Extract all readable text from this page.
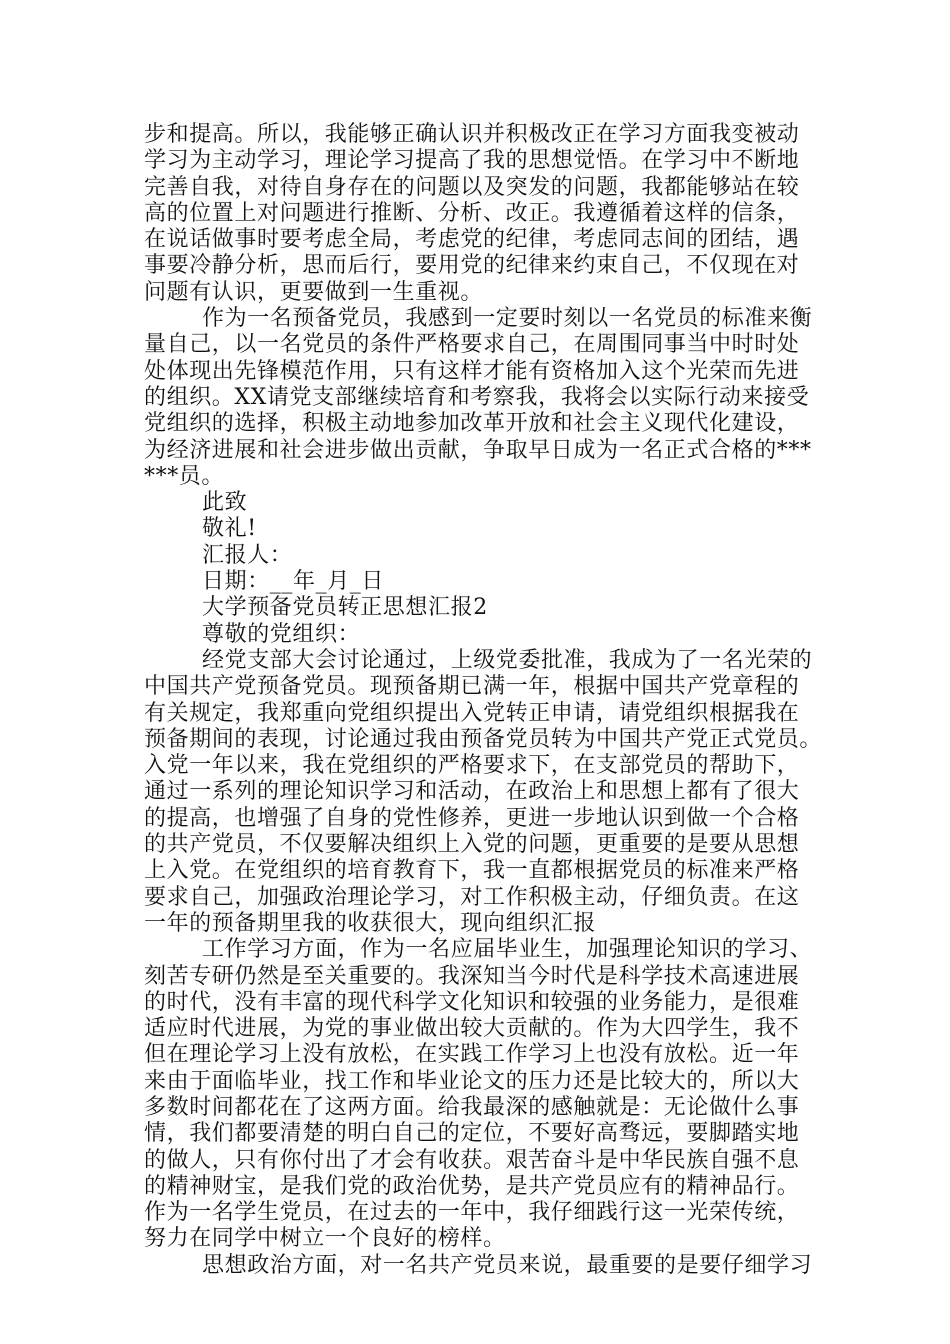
步和提高。所以，我能够正确认识并积极改正在学习方面我变被动
学习为主动学习，理论学习提高了我的思想觉悟。在学习中不断地
完善自我，对待自身存在的问题以及突发的问题，我都能够站在较
高的位置上对问题进行推断、分析、改正。我遵循着这样的信条，
在说话做事时要考虑全局，考虑党的纪律，考虑同志间的团结，遇
事要冷静分析，思而后行，要用党的纪律来约束自己，不仅现在对
问题有认识，更要做到一生重视。
作为一名预备党员，我感到一定要时刻以一名党员的标准来衡
量自己，以一名党员的条件严格要求自己，在周围同事当中时时处
处体现出先锋模范作用，只有这样才能有资格加入这个光荣而先进
的组织。XX请党支部继续培育和考察我，我将会以实际行动来接受
党组织的选择，积极主动地参加改革开放和社会主义现代化建设，
为经济进展和社会进步做出贡献，争取早日成为一名正式合格的***
***员。
此致
敬礼!
汇报人：
日期：__年_月_日
大学预备党员转正思想汇报2
尊敬的党组织：
经党支部大会讨论通过，上级党委批准，我成为了一名光荣的
中国共产党预备党员。现预备期已满一年，根据中国共产党章程的
有关规定，我郑重向党组织提出入党转正申请，请党组织根据我在
预备期间的表现，讨论通过我由预备党员转为中国共产党正式党员。
入党一年以来，我在党组织的严格要求下，在支部党员的帮助下，
通过一系列的理论知识学习和活动，在政治上和思想上都有了很大
的提高，也增强了自身的党性修养，更进一步地认识到做一个合格
的共产党员，不仅要解决组织上入党的问题，更重要的是要从思想
上入党。在党组织的培育教育下，我一直都根据党员的标准来严格
要求自己，加强政治理论学习，对工作积极主动，仔细负责。在这
一年的预备期里我的收获很大，现向组织汇报
工作学习方面，作为一名应届毕业生，加强理论知识的学习、
刻苦专研仍然是至关重要的。我深知当今时代是科学技术高速进展
的时代，没有丰富的现代科学文化知识和较强的业务能力，是很难
适应时代进展，为党的事业做出较大贡献的。作为大四学生，我不
但在理论学习上没有放松，在实践工作学习上也没有放松。近一年
来由于面临毕业，找工作和毕业论文的压力还是比较大的，所以大
多数时间都花在了这两方面。给我最深的感触就是：无论做什么事
情，我们都要清楚的明白自己的定位，不要好高骛远，要脚踏实地
的做人，只有你付出了才会有收获。艰苦奋斗是中华民族自强不息
的精神财宝，是我们党的政治优势，是共产党员应有的精神品行。
作为一名学生党员，在过去的一年中，我仔细践行这一光荣传统，
努力在同学中树立一个良好的榜样。
思想政治方面，对一名共产党员来说，最重要的是要仔细学习
